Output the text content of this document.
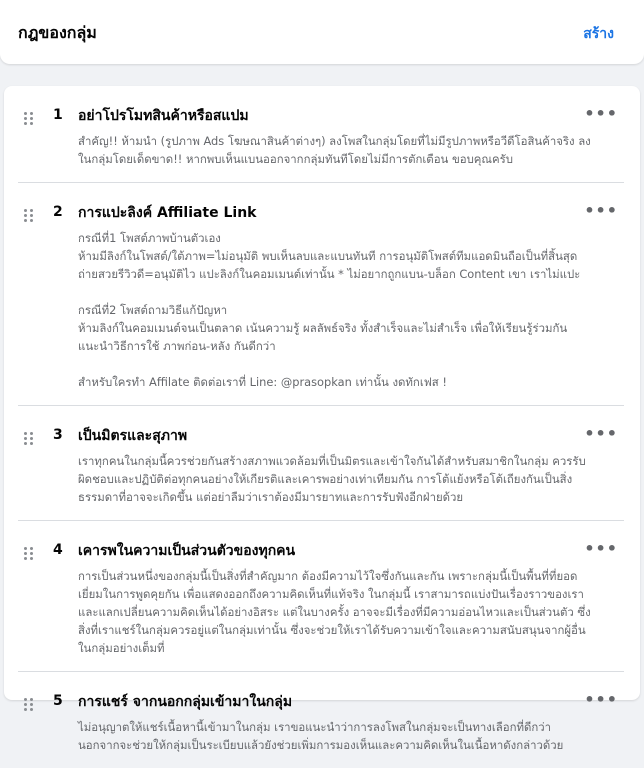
กฎของกลุ่ม	สร้าง
1 อย่าโปรโมทสินค้าหรือสแปม	•••
สำคัญ!! ห้ามนำ (รูปภาพ Ads โฆษณาสินค้าต่างๆ) ลงโพสในกลุ่มโดยที่ไม่มีรูปภาพหรือวีดีโอสินค้าจริง ลง
ในกลุ่มโดยเด็ดขาด!! หากพบเห็นแบนออกจากกลุ่มทันทีโดยไม่มีการตักเตือน ขอบคุณครับ
2 การแปะลิงค์ Affiliate Link	•••
กรณีที่1 โพสต์ภาพบ้านตัวเอง
ห้ามมีลิงก์ในโพสต์/ใต้ภาพ=ไม่อนุมัติ พบเห็นลบและแบนทันที การอนุมัติโพสต์ทีมแอดมินถือเป็นที่สิ้นสุด
ถ่ายสวยรีวิวดี=อนุมัติไว แปะลิงก์ในคอมเมนต์เท่านั้น * ไม่อยากถูกแบน-บล็อก Content เขา เราไม่แปะ

กรณีที่2 โพสต์ถามวิธีแก้ปัญหา
ห้ามลิงก์ในคอมเมนต์จนเป็นตลาด เน้นความรู้ ผลลัพธ์จริง ทั้งสำเร็จและไม่สำเร็จ เพื่อให้เรียนรู้ร่วมกัน
แนะนำวิธีการใช้ ภาพก่อน-หลัง กันดีกว่า

สำหรับใครทำ Affilate ติดต่อเราที่ Line: @prasopkan เท่านั้น งดทักเฟส !
3 เป็นมิตรและสุภาพ	•••
เราทุกคนในกลุ่มนี้ควรช่วยกันสร้างสภาพแวดล้อมที่เป็นมิตรและเข้าใจกันได้สำหรับสมาชิกในกลุ่ม ควรรับ
ผิดชอบและปฏิบัติต่อทุกคนอย่างให้เกียรติและเคารพอย่างเท่าเทียมกัน การโต้แย้งหรือโต้เถียงกันเป็นสิ่ง
ธรรมดาที่อาจจะเกิดขึ้น แต่อย่าลืมว่าเราต้องมีมารยาทและการรับฟังอีกฝ่ายด้วย
4 เคารพในความเป็นส่วนตัวของทุกคน	•••
การเป็นส่วนหนึ่งของกลุ่มนี้เป็นสิ่งที่สำคัญมาก ต้องมีความไว้ใจซึ่งกันและกัน เพราะกลุ่มนี้เป็นพื้นที่ที่ยอด
เยี่ยมในการพูดคุยกัน เพื่อแสดงออกถึงความคิดเห็นที่แท้จริง ในกลุ่มนี้ เราสามารถแบ่งปันเรื่องราวของเรา
และแลกเปลี่ยนความคิดเห็นได้อย่างอิสระ แต่ในบางครั้ง อาจจะมีเรื่องที่มีความอ่อนไหวและเป็นส่วนตัว ซึ่ง
สิ่งที่เราแชร์ในกลุ่มควรอยู่แต่ในกลุ่มเท่านั้น ซึ่งจะช่วยให้เราได้รับความเข้าใจและความสนับสนุนจากผู้อื่น
ในกลุ่มอย่างเต็มที่
5 การแชร์ จากนอกกลุ่มเข้ามาในกลุ่ม	•••
ไม่อนุญาตให้แชร์เนื้อหานี้เข้ามาในกลุ่ม เราขอแนะนำว่าการลงโพสในกลุ่มจะเป็นทางเลือกที่ดีกว่า
นอกจากจะช่วยให้กลุ่มเป็นระเบียบแล้วยังช่วยเพิ่มการมองเห็นและความคิดเห็นในเนื้อหาดังกล่าวด้วย
